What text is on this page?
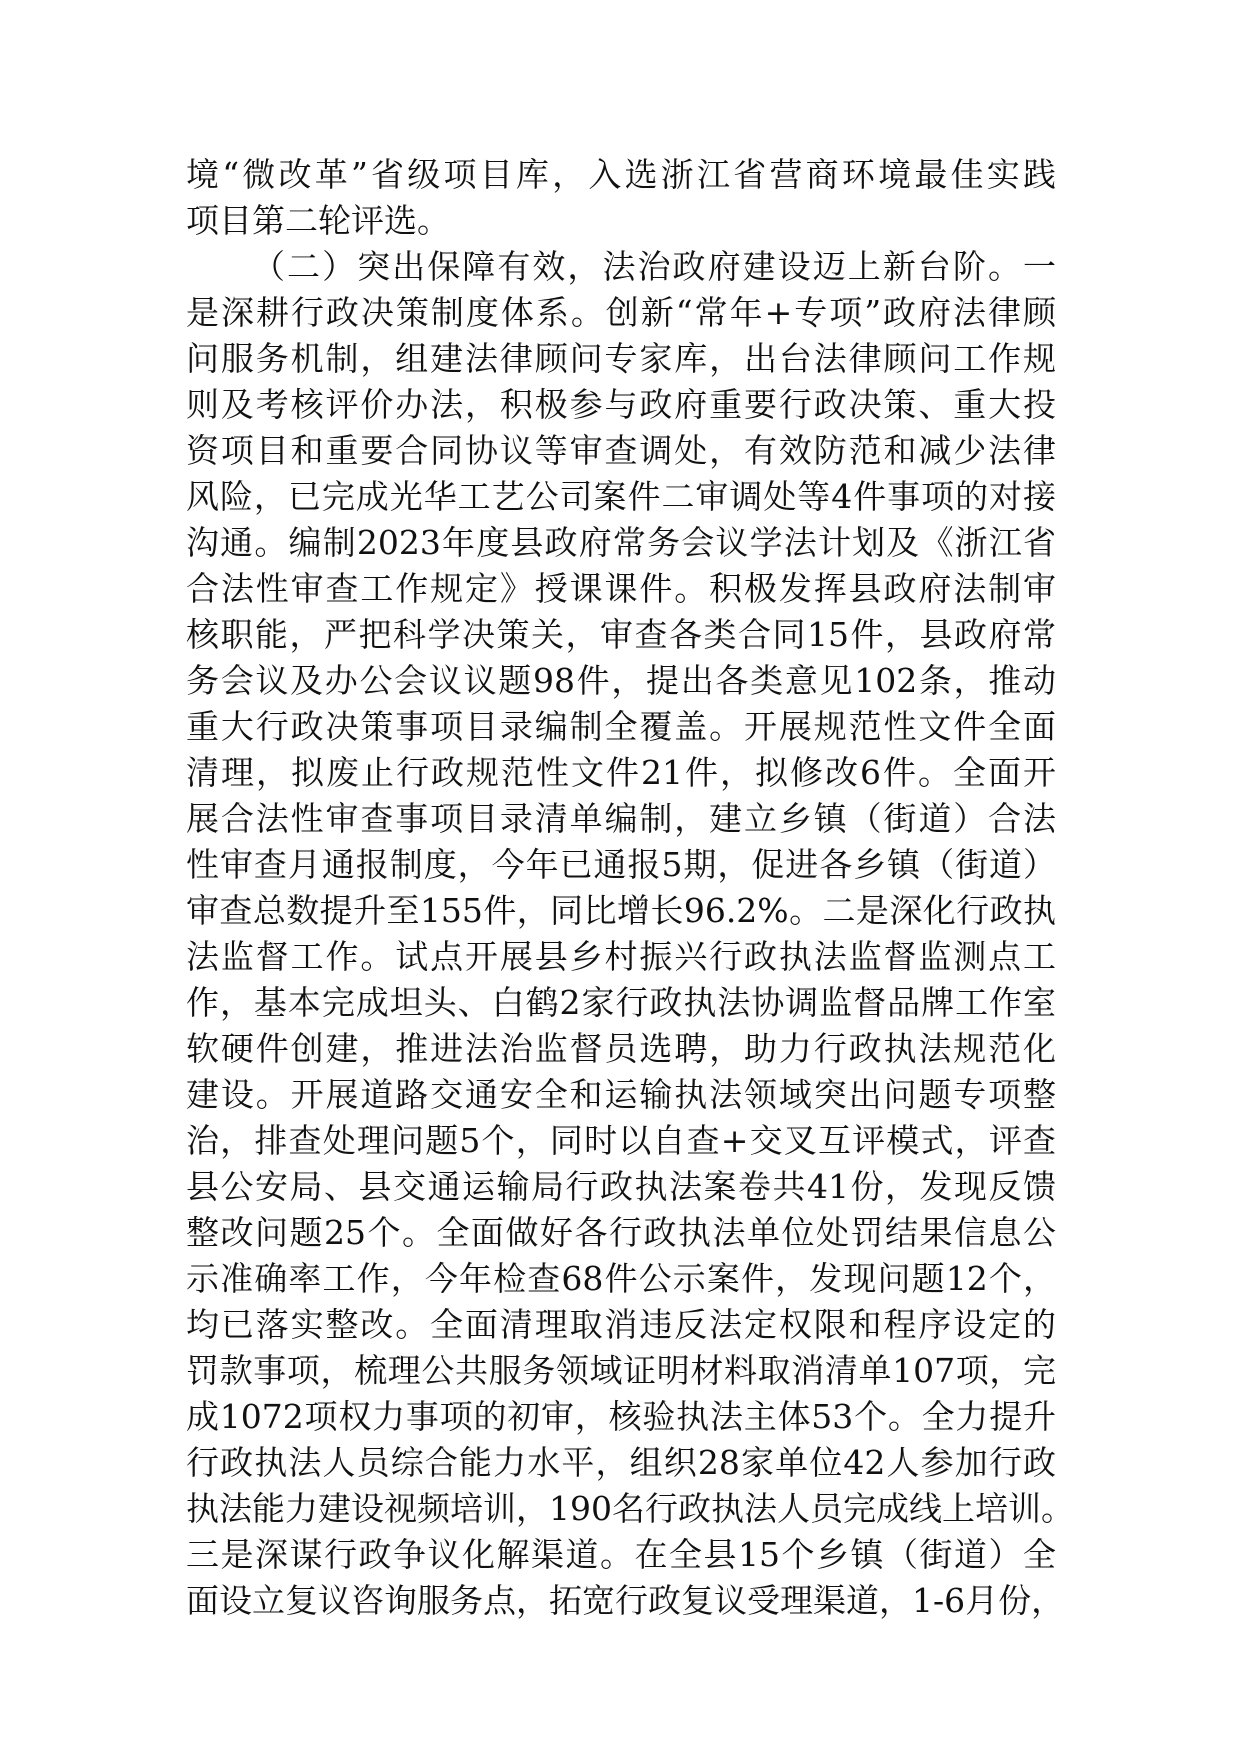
境“微改革”省级项目库，入选浙江省营商环境最佳实践
项目第二轮评选。
（二）突出保障有效，法治政府建设迈上新台阶。一
是深耕行政决策制度体系。创新“常年+专项”政府法律顾
问服务机制，组建法律顾问专家库，出台法律顾问工作规
则及考核评价办法，积极参与政府重要行政决策、重大投
资项目和重要合同协议等审查调处，有效防范和减少法律
风险，已完成光华工艺公司案件二审调处等4件事项的对接
沟通。编制2023年度县政府常务会议学法计划及《浙江省
合法性审查工作规定》授课课件。积极发挥县政府法制审
核职能，严把科学决策关，审查各类合同15件，县政府常
务会议及办公会议议题98件，提出各类意见102条，推动
重大行政决策事项目录编制全覆盖。开展规范性文件全面
清理，拟废止行政规范性文件21件，拟修改6件。全面开
展合法性审查事项目录清单编制，建立乡镇（街道）合法
性审查月通报制度，今年已通报5期，促进各乡镇（街道）
审查总数提升至155件，同比增长96.2%。二是深化行政执
法监督工作。试点开展县乡村振兴行政执法监督监测点工
作，基本完成坦头、白鹤2家行政执法协调监督品牌工作室
软硬件创建，推进法治监督员选聘，助力行政执法规范化
建设。开展道路交通安全和运输执法领域突出问题专项整
治，排查处理问题5个，同时以自查+交叉互评模式，评查
县公安局、县交通运输局行政执法案卷共41份，发现反馈
整改问题25个。全面做好各行政执法单位处罚结果信息公
示准确率工作，今年检查68件公示案件，发现问题12个，
均已落实整改。全面清理取消违反法定权限和程序设定的
罚款事项，梳理公共服务领域证明材料取消清单107项，完
成1072项权力事项的初审，核验执法主体53个。全力提升
行政执法人员综合能力水平，组织28家单位42人参加行政
执法能力建设视频培训，190名行政执法人员完成线上培训。
三是深谋行政争议化解渠道。在全县15个乡镇（街道）全
面设立复议咨询服务点，拓宽行政复议受理渠道，1-6月份，
